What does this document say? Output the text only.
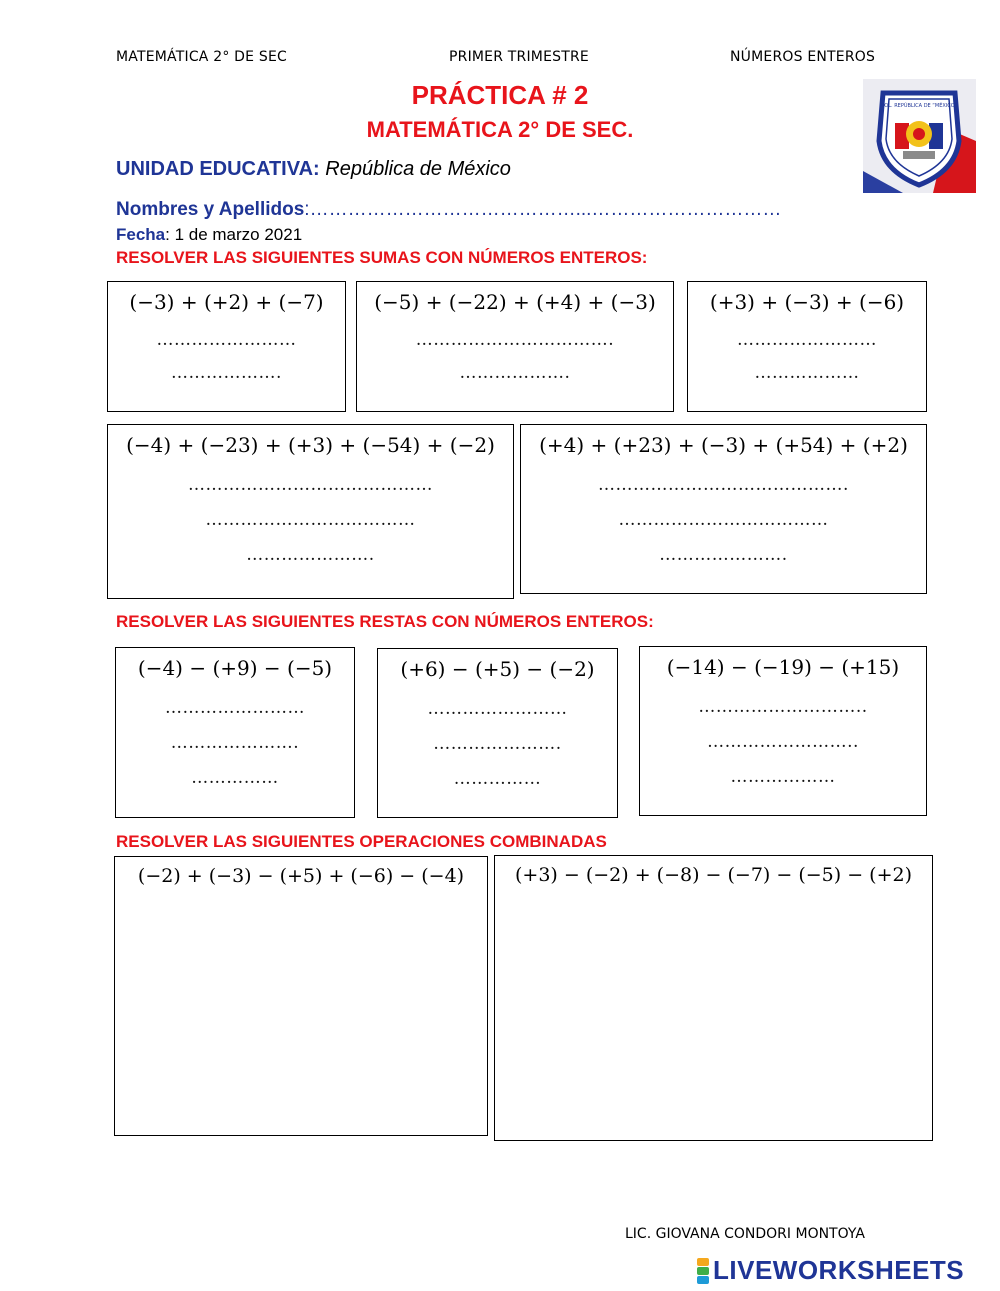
MATEMÁTICA 2° DE SEC	PRIMER TRIMESTRE	NÚMEROS ENTEROS
PRÁCTICA # 2
MATEMÁTICA 2° DE SEC.
COL. REPÚBLICA DE “MÉXICO”
UNIDAD EDUCATIVA: República de México
Nombres y Apellidos:……………………………………...…………………………
Fecha: 1 de marzo 2021
RESOLVER LAS SIGUIENTES SUMAS CON NÚMEROS ENTEROS:
(−3) + (+2) + (−7)
……………………
……………….
(−5) + (−22) + (+4) + (−3)
…………………………….
……………….
(+3) + (−3) + (−6)
……………………
………………
(−4) + (−23) + (+3) + (−54) + (−2)
……………………………………
………………………………
………………….
(+4) + (+23) + (−3) + (+54) + (+2)
…………………………………….
………………………………
………………….
RESOLVER LAS SIGUIENTES RESTAS CON NÚMEROS ENTEROS:
(−4) − (+9) − (−5)
……………………
………………….
……………
(+6) − (+5) − (−2)
……………………
………………….
……………
(−14) − (−19) − (+15)
………………………..
……………………..
………………
RESOLVER LAS SIGUIENTES OPERACIONES COMBINADAS
(−2) + (−3) − (+5) + (−6) − (−4)	(+3) − (−2) + (−8) − (−7) − (−5) − (+2)
LIC. GIOVANA CONDORI MONTOYA
LIVEWORKSHEETS
